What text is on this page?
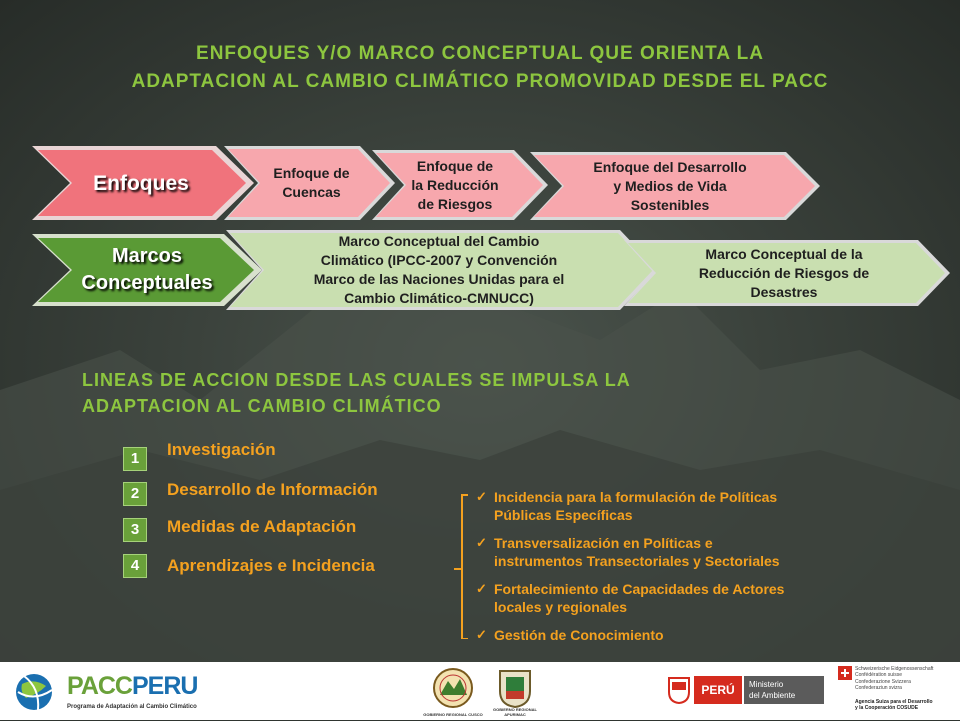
ENFOQUES Y/O MARCO CONCEPTUAL QUE ORIENTA LA
ADAPTACION AL CAMBIO CLIMÁTICO PROMOVIDAD DESDE EL PACC
Enfoques	Enfoque de
Cuencas
Enfoque de
la Reducción
de Riesgos
Enfoque del Desarrollo
y Medios de Vida
Sostenibles
Marcos
Conceptuales
Marco Conceptual del Cambio
Climático (IPCC-2007 y Convención
Marco de las Naciones Unidas para el
Cambio Climático-CMNUCC)
Marco Conceptual de la
Reducción de Riesgos de
Desastres
LINEAS DE ACCION DESDE LAS CUALES SE IMPULSA LA
ADAPTACION AL CAMBIO CLIMÁTICO
1	Investigación
2	Desarrollo de Información
3	Medidas de Adaptación
4	Aprendizajes e Incidencia
✓ Incidencia para la formulación de Políticas
Públicas Específicas
✓ Transversalización en Políticas e
instrumentos Transectoriales y Sectoriales
✓ Fortalecimiento de Capacidades de Actores
locales y regionales
✓ Gestión de Conocimiento
PACCPERU
Programa de Adaptación al Cambio Climático
GOBIERNO REGIONAL CUSCO
GOBIERNO REGIONAL APURIMAC
PERÚ	Ministerio
del Ambiente
Schweizerische Eidgenossenschaft
Confédération suisse
Confederazione Svizzera
Confederaziun svizra
Agencia Suiza para el Desarrollo
y la Cooperación COSUDE
